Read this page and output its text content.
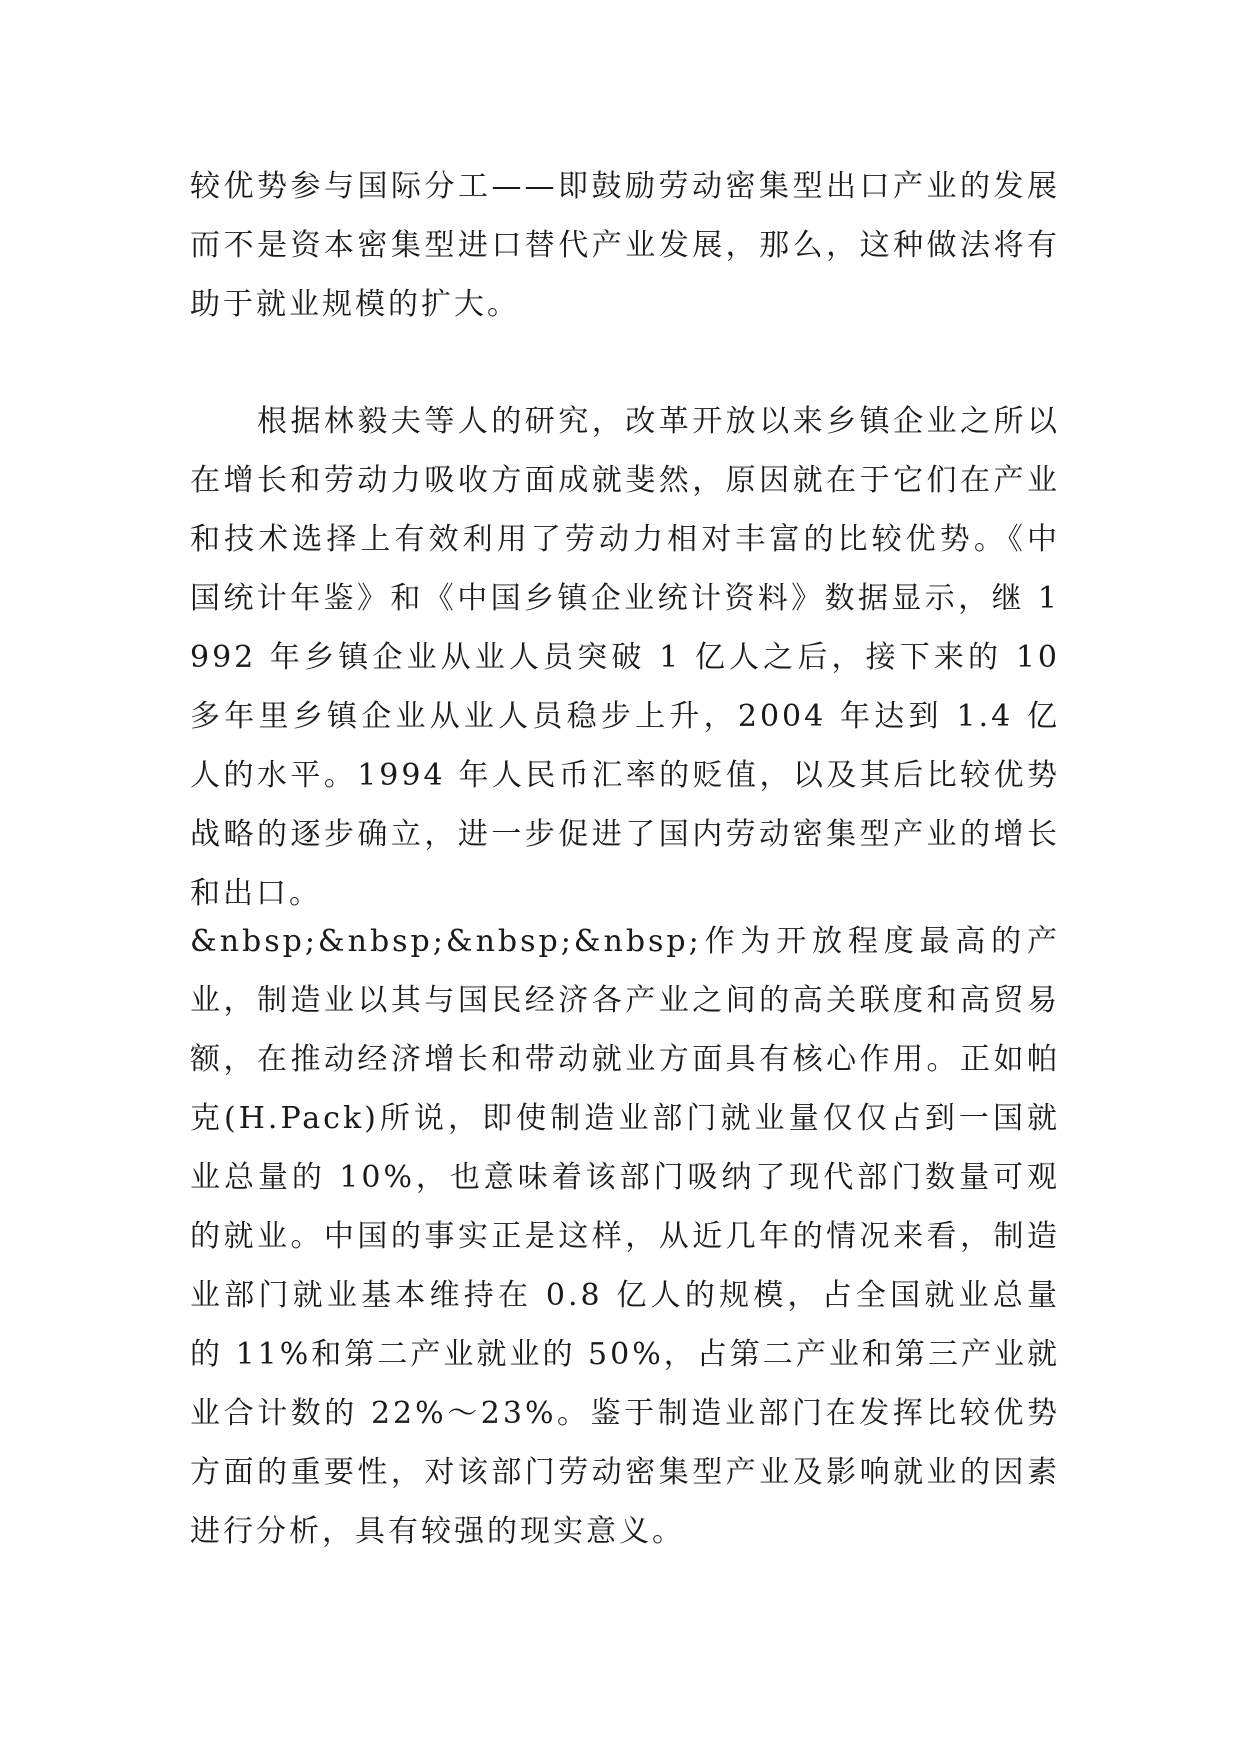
较优势参与国际分工——即鼓励劳动密集型出口产业的发展而不是资本密集型进口替代产业发展，那么，这种做法将有助于就业规模的扩大。

　　根据林毅夫等人的研究，改革开放以来乡镇企业之所以在增长和劳动力吸收方面成就斐然，原因就在于它们在产业和技术选择上有效利用了劳动力相对丰富的比较优势。《中国统计年鉴》和《中国乡镇企业统计资料》数据显示，继 1992 年乡镇企业从业人员突破 1 亿人之后，接下来的 10 多年里乡镇企业从业人员稳步上升，2004 年达到 1.4 亿人的水平。1994 年人民币汇率的贬值，以及其后比较优势战略的逐步确立，进一步促进了国内劳动密集型产业的增长和出口。

&nbsp;&nbsp;&nbsp;&nbsp;作为开放程度最高的产业，制造业以其与国民经济各产业之间的高关联度和高贸易额，在推动经济增长和带动就业方面具有核心作用。正如帕克(H.Pack)所说，即使制造业部门就业量仅仅占到一国就业总量的 10%，也意味着该部门吸纳了现代部门数量可观的就业。中国的事实正是这样，从近几年的情况来看，制造业部门就业基本维持在 0.8 亿人的规模，占全国就业总量的 11%和第二产业就业的 50%，占第二产业和第三产业就业合计数的 22%～23%。鉴于制造业部门在发挥比较优势方面的重要性，对该部门劳动密集型产业及影响就业的因素进行分析，具有较强的现实意义。
